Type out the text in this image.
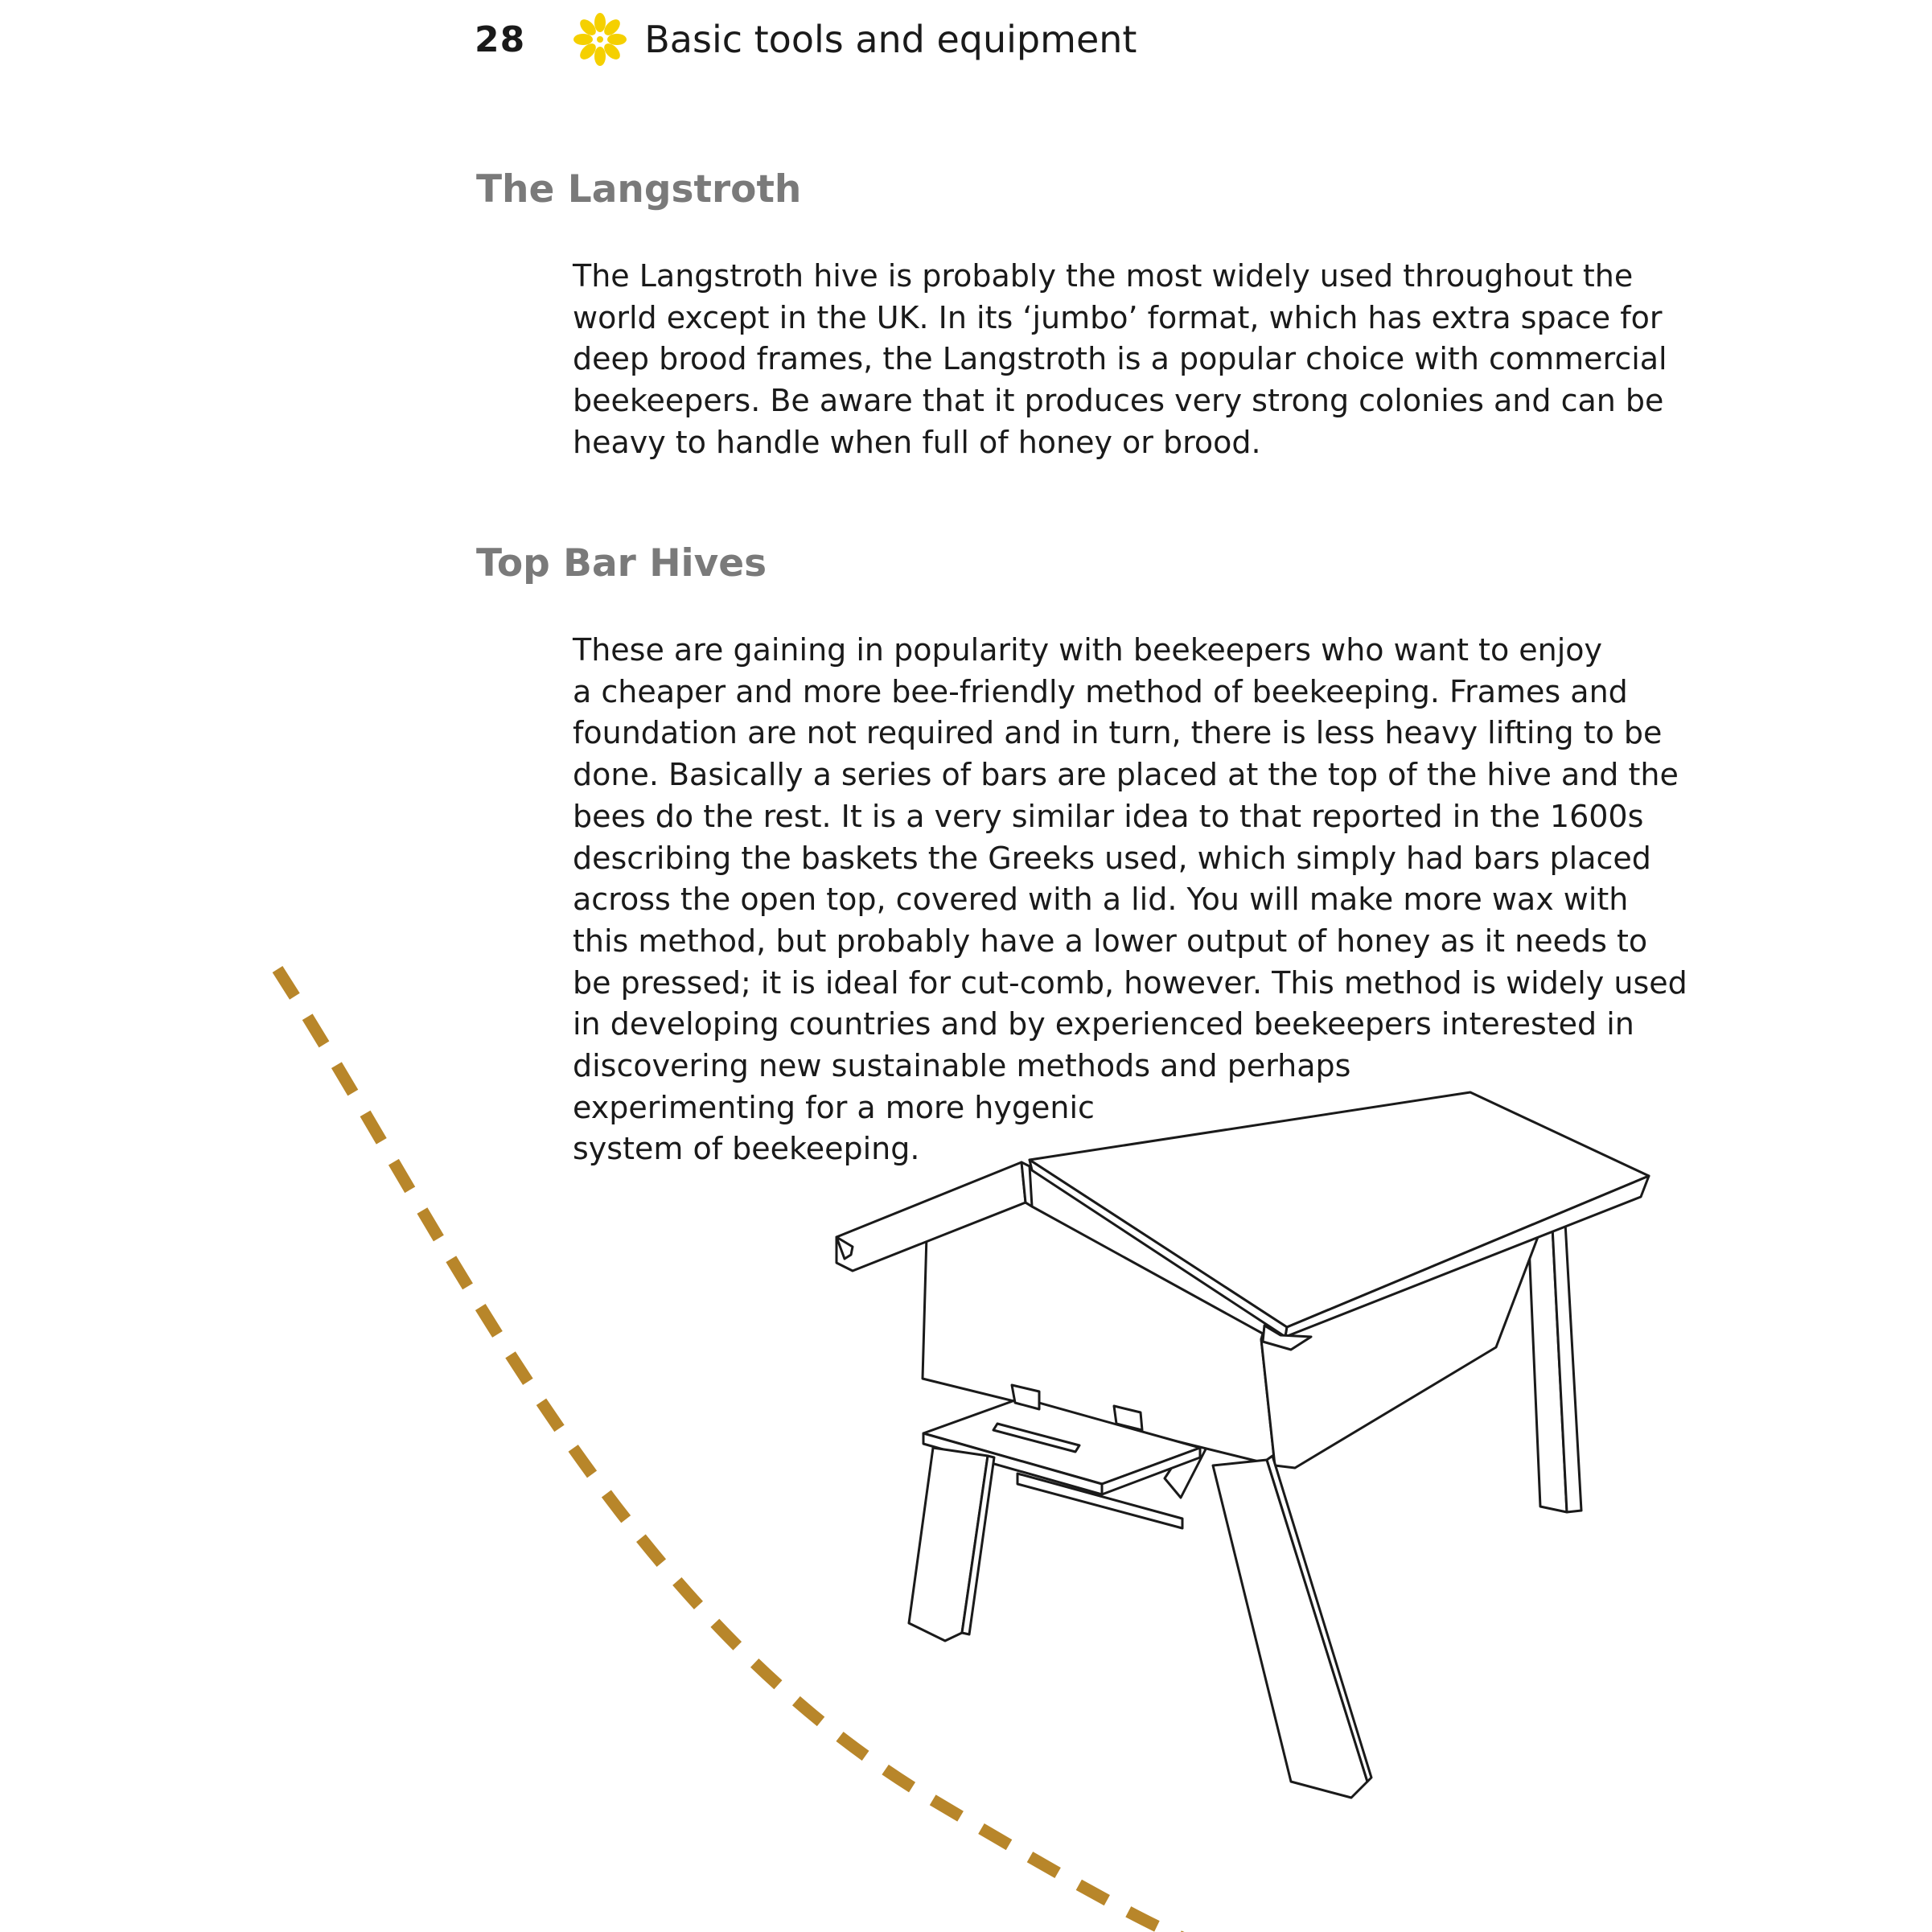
28	Basic tools and equipment
The Langstroth

The Langstroth hive is probably the most widely used throughout the
world except in the UK. In its ‘jumbo’ format, which has extra space for
deep brood frames, the Langstroth is a popular choice with commercial
beekeepers. Be aware that it produces very strong colonies and can be
heavy to handle when full of honey or brood.

Top Bar Hives

These are gaining in popularity with beekeepers who want to enjoy
a cheaper and more bee-friendly method of beekeeping. Frames and
foundation are not required and in turn, there is less heavy lifting to be
done. Basically a series of bars are placed at the top of the hive and the
bees do the rest. It is a very similar idea to that reported in the 1600s
describing the baskets the Greeks used, which simply had bars placed
across the open top, covered with a lid. You will make more wax with
this method, but probably have a lower output of honey as it needs to
be pressed; it is ideal for cut-comb, however. This method is widely used
in developing countries and by experienced beekeepers interested in
discovering new sustainable methods and perhaps
experimenting for a more hygenic
system of beekeeping.
